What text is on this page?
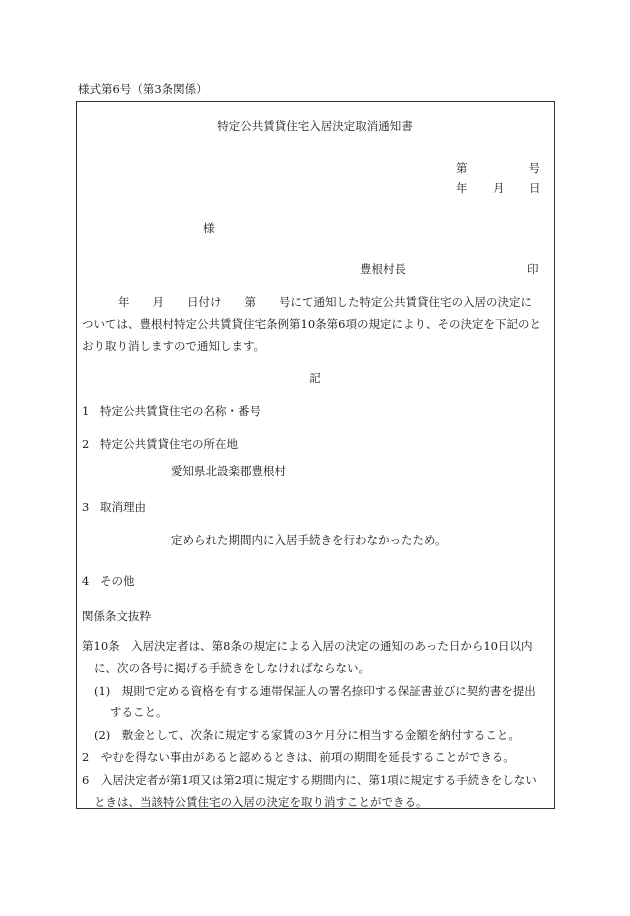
様式第6号（第3条関係）
特定公共賃貸住宅入居決定取消通知書
第	号
年 月 日
様
豊根村長	印
年　　月　　日付け　　第　　号にて通知した特定公共賃貸住宅の入居の決定に
ついては、豊根村特定公共賃貸住宅条例第10条第6項の規定により、その決定を下記のと
おり取り消しますので通知します。
記
1 特定公共賃貸住宅の名称・番号
2 特定公共賃貸住宅の所在地
愛知県北設楽郡豊根村
3 取消理由
定められた期間内に入居手続きを行わなかったため。
4 その他
関係条文抜粋
第10条　入居決定者は、第8条の規定による入居の決定の通知のあった日から10日以内
に、次の各号に掲げる手続きをしなければならない。
(1)　規則で定める資格を有する連帯保証人の署名捺印する保証書並びに契約書を提出
すること。
(2)　敷金として、次条に規定する家賃の3ケ月分に相当する金額を納付すること。
2　やむを得ない事由があると認めるときは、前項の期間を延長することができる。
6　入居決定者が第1項又は第2項に規定する期間内に、第1項に規定する手続きをしない
ときは、当該特公賃住宅の入居の決定を取り消すことができる。
